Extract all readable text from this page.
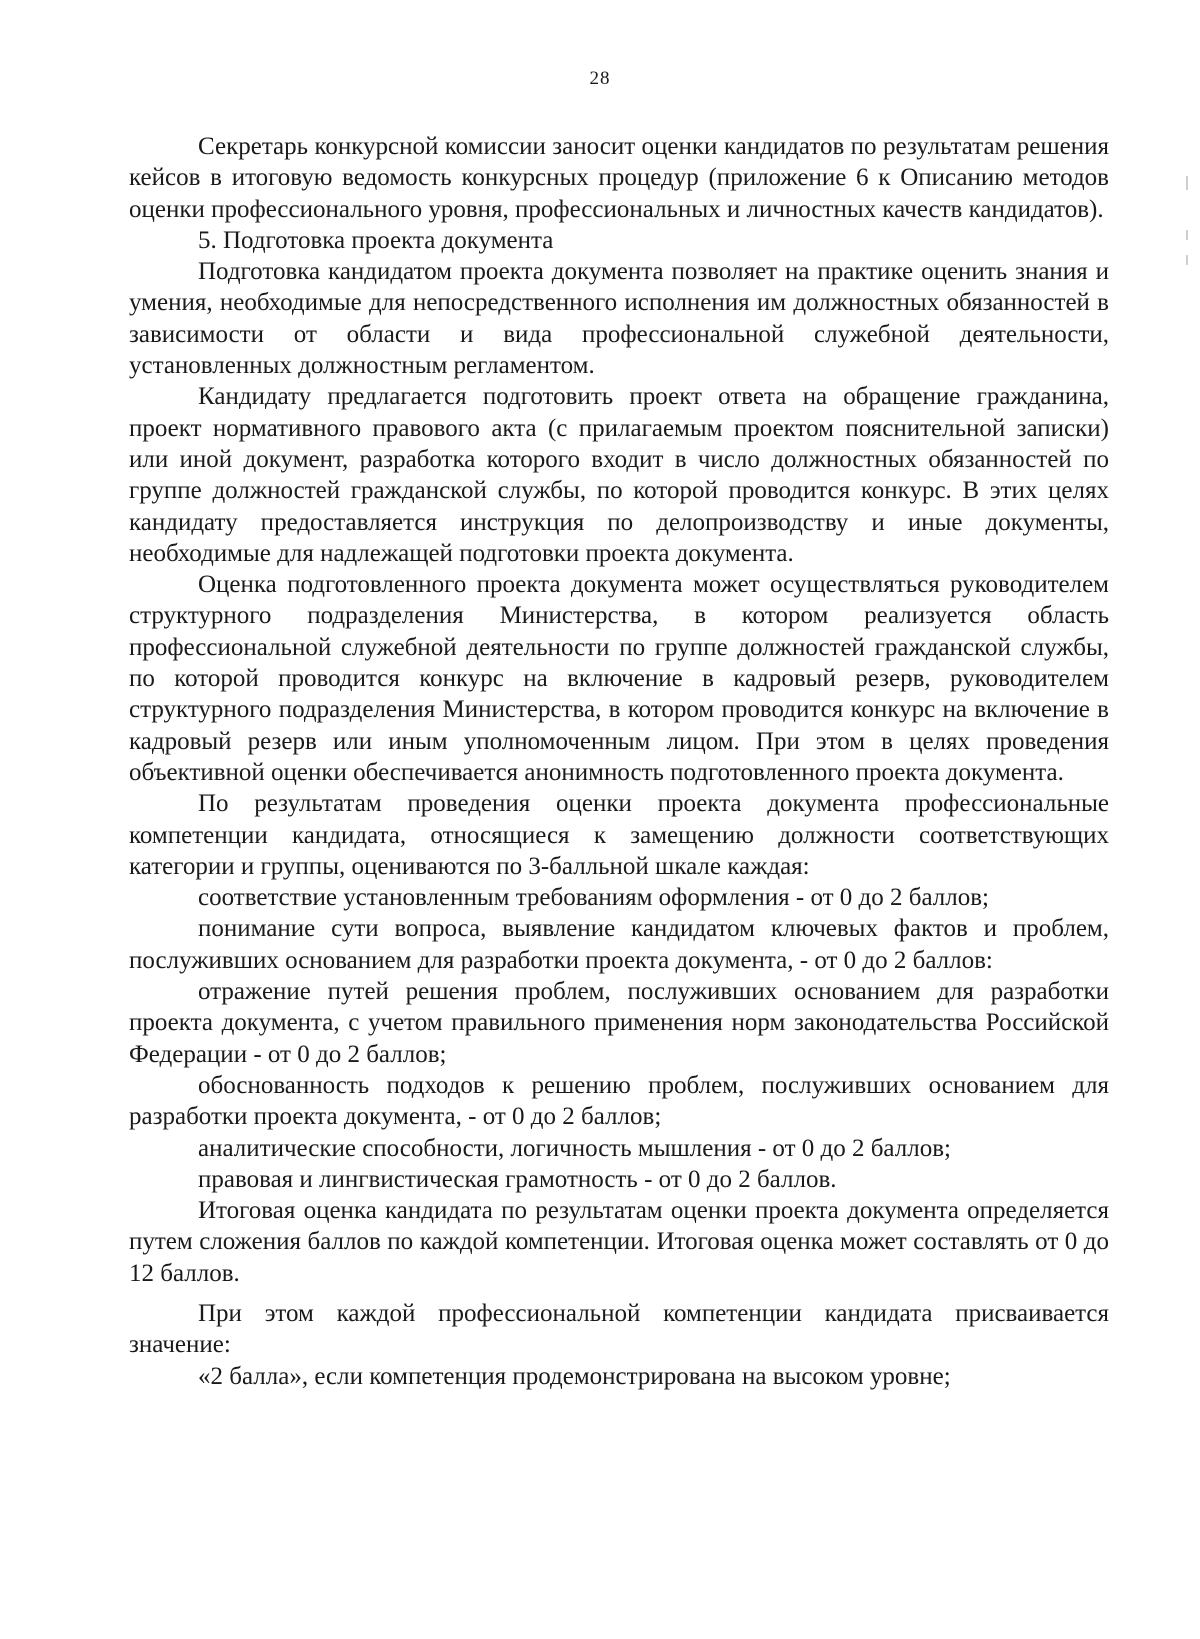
28

Секретарь конкурсной комиссии заносит оценки кандидатов по результатам решения кейсов в итоговую ведомость конкурсных процедур (приложение 6 к Описанию методов оценки профессионального уровня, профессиональных и личностных качеств кандидатов).

5. Подготовка проекта документа

Подготовка кандидатом проекта документа позволяет на практике оценить знания и умения, необходимые для непосредственного исполнения им должностных обязанностей в зависимости от области и вида профессиональной служебной деятельности, установленных должностным регламентом.

Кандидату предлагается подготовить проект ответа на обращение гражданина, проект нормативного правового акта (с прилагаемым проектом пояснительной записки) или иной документ, разработка которого входит в число должностных обязанностей по группе должностей гражданской службы, по которой проводится конкурс. В этих целях кандидату предоставляется инструкция по делопроизводству и иные документы, необходимые для надлежащей подготовки проекта документа.

Оценка подготовленного проекта документа может осуществляться руководителем структурного подразделения Министерства, в котором реализуется область профессиональной служебной деятельности по группе должностей гражданской службы, по которой проводится конкурс на включение в кадровый резерв, руководителем структурного подразделения Министерства, в котором проводится конкурс на включение в кадровый резерв или иным уполномоченным лицом. При этом в целях проведения объективной оценки обеспечивается анонимность подготовленного проекта документа.

По результатам проведения оценки проекта документа профессиональные компетенции кандидата, относящиеся к замещению должности соответствующих категории и группы, оцениваются по 3-балльной шкале каждая:

соответствие установленным требованиям оформления - от 0 до 2 баллов;

понимание сути вопроса, выявление кандидатом ключевых фактов и проблем, послуживших основанием для разработки проекта документа, - от 0 до 2 баллов:

отражение путей решения проблем, послуживших основанием для разработки проекта документа, с учетом правильного применения норм законодательства Российской Федерации - от 0 до 2 баллов;

обоснованность подходов к решению проблем, послуживших основанием для разработки проекта документа, - от 0 до 2 баллов;

аналитические способности, логичность мышления - от 0 до 2 баллов;

правовая и лингвистическая грамотность - от 0 до 2 баллов.

Итоговая оценка кандидата по результатам оценки проекта документа определяется путем сложения баллов по каждой компетенции. Итоговая оценка может составлять от 0 до 12 баллов.

При этом каждой профессиональной компетенции кандидата присваивается значение:

«2 балла», если компетенция продемонстрирована на высоком уровне;
